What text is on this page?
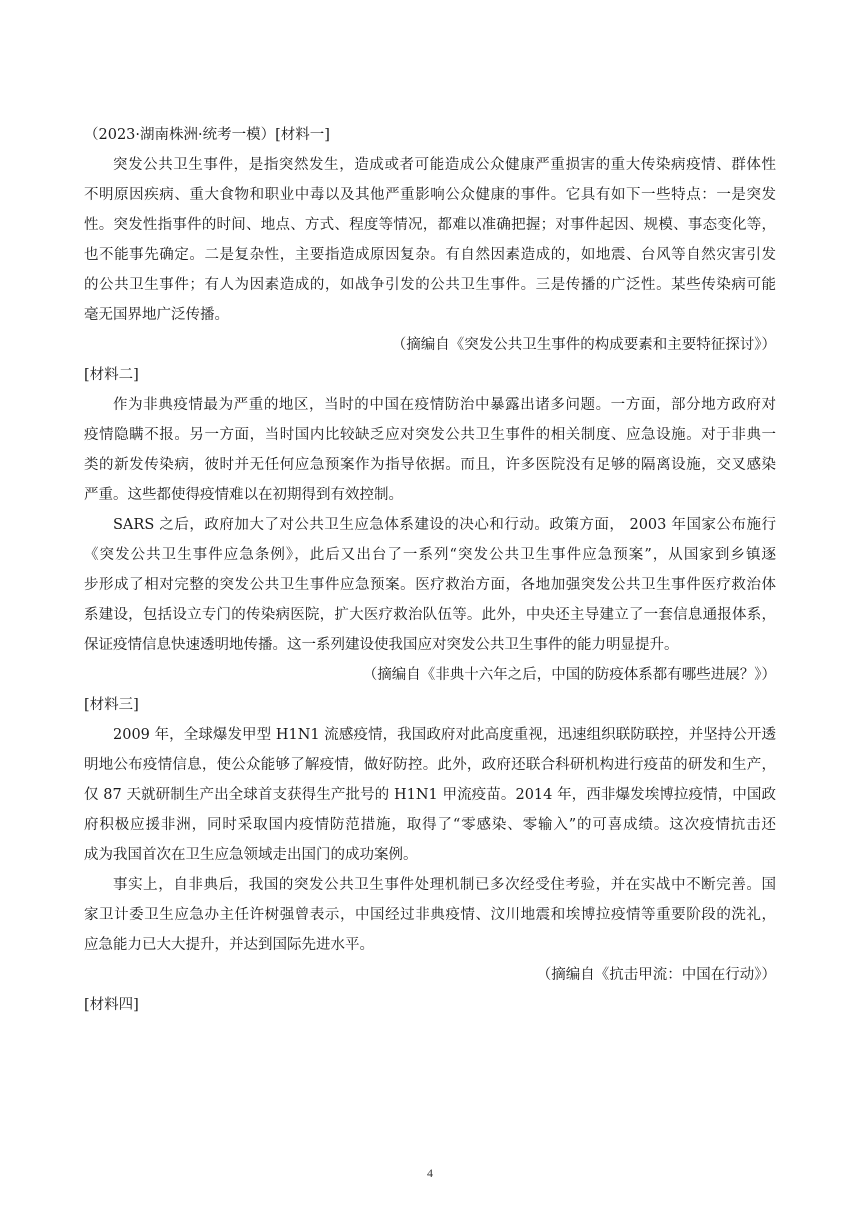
（2023·湖南株洲·统考一模）[材料一]
突发公共卫生事件，是指突然发生，造成或者可能造成公众健康严重损害的重大传染病疫情、群体性
不明原因疾病、重大食物和职业中毒以及其他严重影响公众健康的事件。它具有如下一些特点：一是突发
性。突发性指事件的时间、地点、方式、程度等情况，都难以准确把握；对事件起因、规模、事态变化等，
也不能事先确定。二是复杂性，主要指造成原因复杂。有自然因素造成的，如地震、台风等自然灾害引发
的公共卫生事件；有人为因素造成的，如战争引发的公共卫生事件。三是传播的广泛性。某些传染病可能
毫无国界地广泛传播。
（摘编自《突发公共卫生事件的构成要素和主要特征探讨》）
[材料二]
作为非典疫情最为严重的地区，当时的中国在疫情防治中暴露出诸多问题。一方面，部分地方政府对
疫情隐瞒不报。另一方面，当时国内比较缺乏应对突发公共卫生事件的相关制度、应急设施。对于非典一
类的新发传染病，彼时并无任何应急预案作为指导依据。而且，许多医院没有足够的隔离设施，交叉感染
严重。这些都使得疫情难以在初期得到有效控制。
SARS 之后，政府加大了对公共卫生应急体系建设的决心和行动。政策方面， 2003 年国家公布施行
《突发公共卫生事件应急条例》，此后又出台了一系列“突发公共卫生事件应急预案”，从国家到乡镇逐
步形成了相对完整的突发公共卫生事件应急预案。医疗救治方面，各地加强突发公共卫生事件医疗救治体
系建设，包括设立专门的传染病医院，扩大医疗救治队伍等。此外，中央还主导建立了一套信息通报体系，
保证疫情信息快速透明地传播。这一系列建设使我国应对突发公共卫生事件的能力明显提升。
（摘编自《非典十六年之后，中国的防疫体系都有哪些进展？》）
[材料三]
2009 年，全球爆发甲型 H1N1 流感疫情，我国政府对此高度重视，迅速组织联防联控，并坚持公开透
明地公布疫情信息，使公众能够了解疫情，做好防控。此外，政府还联合科研机构进行疫苗的研发和生产，
仅 87 天就研制生产出全球首支获得生产批号的 H1N1 甲流疫苗。2014 年，西非爆发埃博拉疫情，中国政
府积极应援非洲，同时采取国内疫情防范措施，取得了“零感染、零输入”的可喜成绩。这次疫情抗击还
成为我国首次在卫生应急领域走出国门的成功案例。
事实上，自非典后，我国的突发公共卫生事件处理机制已多次经受住考验，并在实战中不断完善。国
家卫计委卫生应急办主任许树强曾表示，中国经过非典疫情、汶川地震和埃博拉疫情等重要阶段的洗礼，
应急能力已大大提升，并达到国际先进水平。
（摘编自《抗击甲流：中国在行动》）
[材料四]
4
